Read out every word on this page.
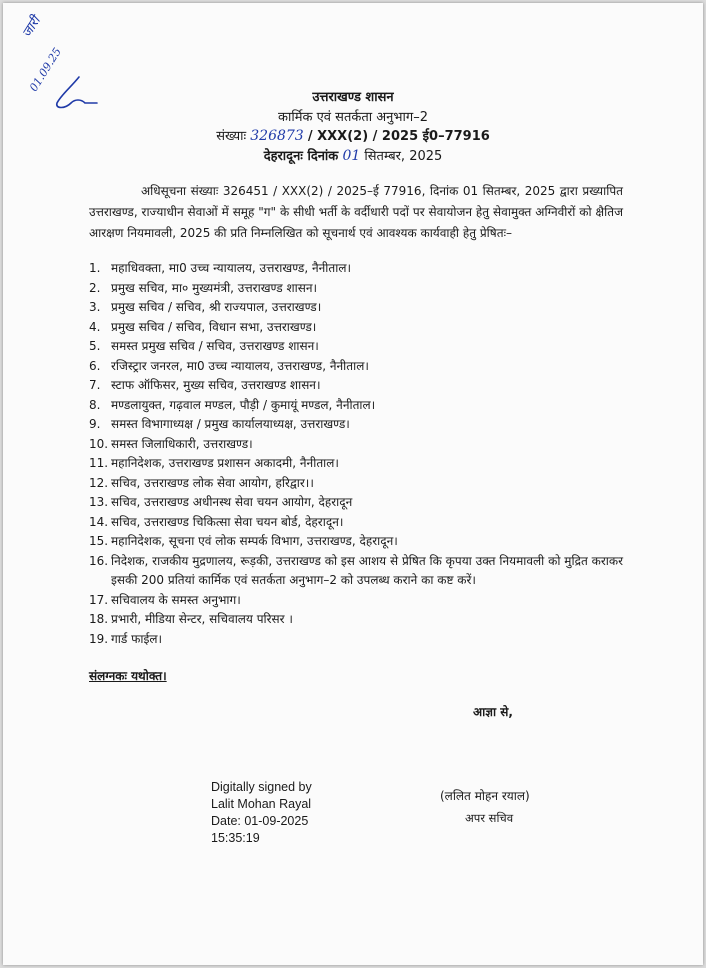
जारी
01.09.25
उत्तराखण्ड शासन
कार्मिक एवं सतर्कता अनुभाग–2
संख्याः 326873 / XXX(2) / 2025 ई0–77916
देहरादूनः दिनांक 01 सितम्बर, 2025
अधिसूचना संख्याः 326451 / XXX(2) / 2025–ई 77916, दिनांक 01 सितम्बर, 2025 द्वारा प्रख्यापित उत्तराखण्ड, राज्याधीन सेवाओं में समूह "ग" के सीधी भर्ती के वर्दीधारी पदों पर सेवायोजन हेतु सेवामुक्त अग्निवीरों को क्षैतिज आरक्षण नियमावली, 2025 की प्रति निम्नलिखित को सूचनार्थ एवं आवश्यक कार्यवाही हेतु प्रेषितः–
1. महाधिवक्ता, मा0 उच्च न्यायालय, उत्तराखण्ड, नैनीताल।
2. प्रमुख सचिव, मा० मुख्यमंत्री, उत्तराखण्ड शासन।
3. प्रमुख सचिव / सचिव, श्री राज्यपाल, उत्तराखण्ड।
4. प्रमुख सचिव / सचिव, विधान सभा, उत्तराखण्ड।
5. समस्त प्रमुख सचिव / सचिव, उत्तराखण्ड शासन।
6. रजिस्ट्रार जनरल, मा0 उच्च न्यायालय, उत्तराखण्ड, नैनीताल।
7. स्टाफ ऑफिसर, मुख्य सचिव, उत्तराखण्ड शासन।
8. मण्डलायुक्त, गढ़वाल मण्डल, पौड़ी / कुमायूं मण्डल, नैनीताल।
9. समस्त विभागाध्यक्ष / प्रमुख कार्यालयाध्यक्ष, उत्तराखण्ड।
10. समस्त जिलाधिकारी, उत्तराखण्ड।
11. महानिदेशक, उत्तराखण्ड प्रशासन अकादमी, नैनीताल।
12. सचिव, उत्तराखण्ड लोक सेवा आयोग, हरिद्वार।।
13. सचिव, उत्तराखण्ड अधीनस्थ सेवा चयन आयोग, देहरादून
14. सचिव, उत्तराखण्ड चिकित्सा सेवा चयन बोर्ड, देहरादून।
15. महानिदेशक, सूचना एवं लोक सम्पर्क विभाग, उत्तराखण्ड, देहरादून।
16. निदेशक, राजकीय मुद्रणालय, रूड़की, उत्तराखण्ड को इस आशय से प्रेषित कि कृपया उक्त नियमावली को मुद्रित कराकर इसकी 200 प्रतियां कार्मिक एवं सतर्कता अनुभाग–2 को उपलब्ध कराने का कष्ट करें।
17. सचिवालय के समस्त अनुभाग।
18. प्रभारी, मीडिया सेन्टर, सचिवालय परिसर ।
19. गार्ड फाईल।
संलग्नकः यथोक्त।
आज्ञा से,
Digitally signed by
Lalit Mohan Rayal
Date: 01-09-2025
15:35:19
(ललित मोहन रयाल)
अपर सचिव
